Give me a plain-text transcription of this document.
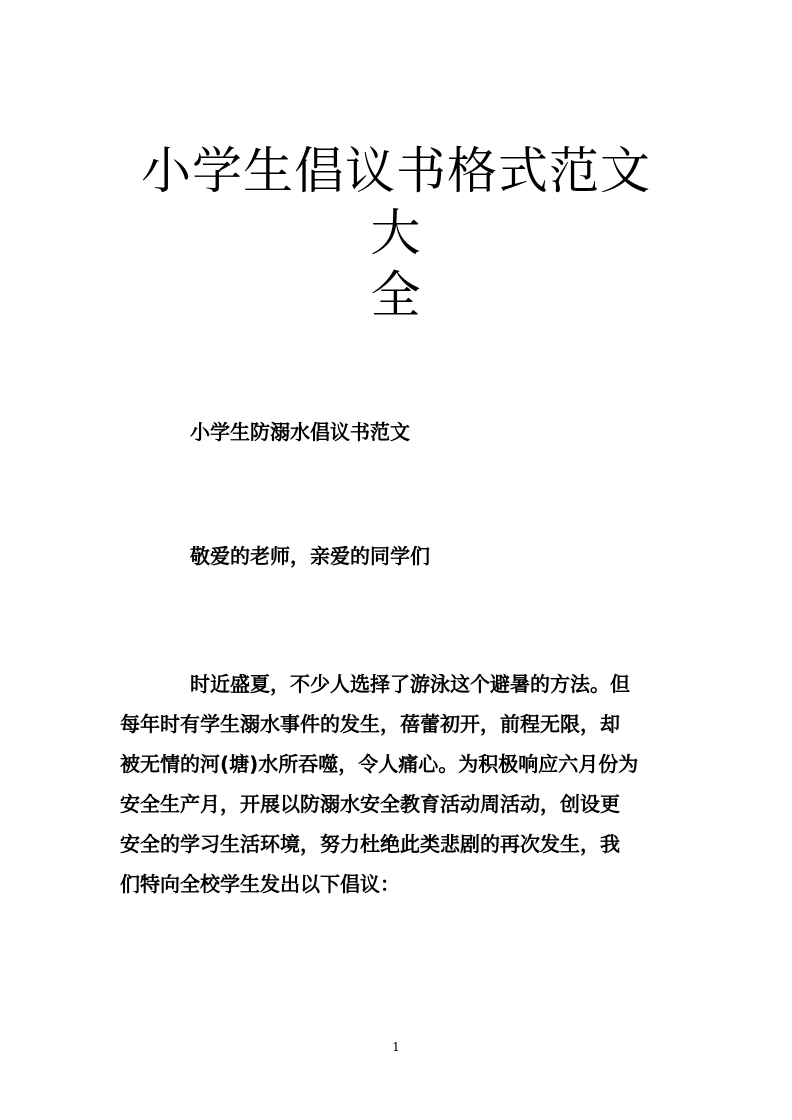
小学生倡议书格式范文大
全

小学生防溺水倡议书范文

敬爱的老师，亲爱的同学们

时近盛夏，不少人选择了游泳这个避暑的方法。但
每年时有学生溺水事件的发生，蓓蕾初开，前程无限，却
被无情的河(塘)水所吞噬，令人痛心。为积极响应六月份为
安全生产月，开展以防溺水安全教育活动周活动，创设更
安全的学习生活环境，努力杜绝此类悲剧的再次发生，我
们特向全校学生发出以下倡议：
1
